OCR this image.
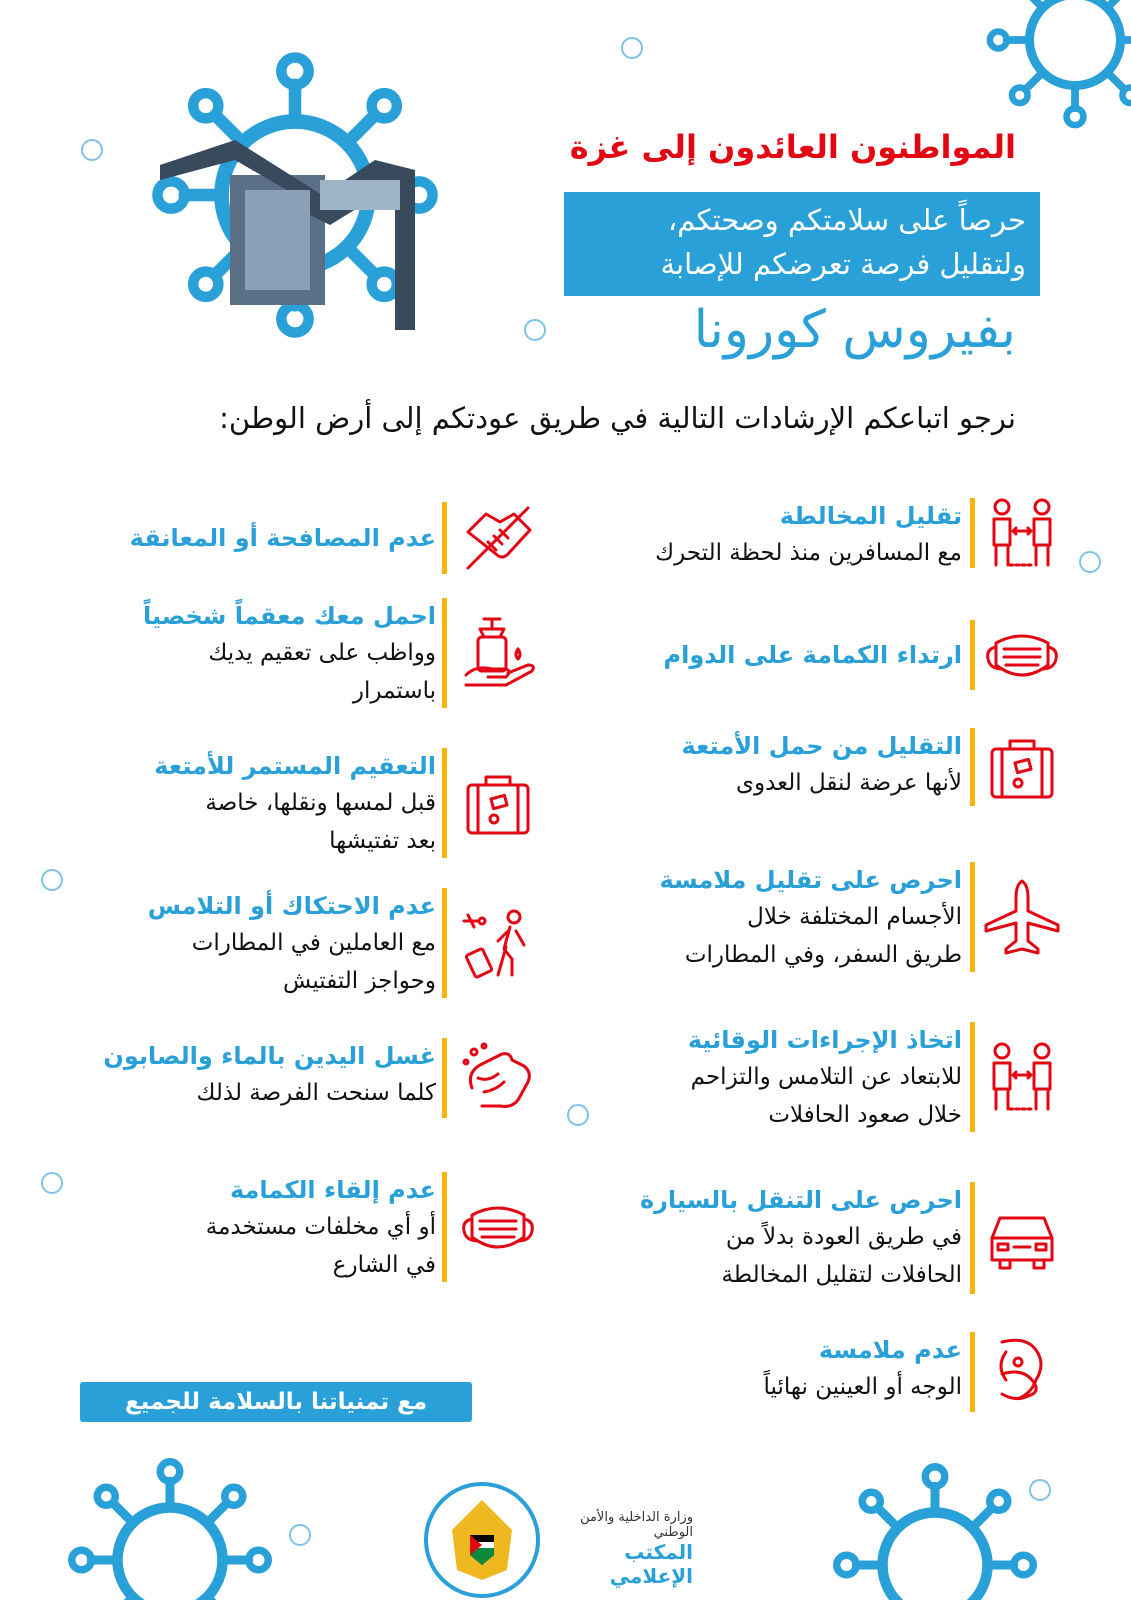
المواطنون العائدون إلى غزة
حرصاً على سلامتكم وصحتكم،
ولتقليل فرصة تعرضكم للإصابة
بفيروس كورونا
نرجو اتباعكم الإرشادات التالية في طريق عودتكم إلى أرض الوطن:
تقليل المخالطة
مع المسافرين منذ لحظة التحرك
ارتداء الكمامة على الدوام
التقليل من حمل الأمتعة
لأنها عرضة لنقل العدوى
احرص على تقليل ملامسة
الأجسام المختلفة خلال
طريق السفر، وفي المطارات
اتخاذ الإجراءات الوقائية
للابتعاد عن التلامس والتزاحم
خلال صعود الحافلات
احرص على التنقل بالسيارة
في طريق العودة بدلاً من
الحافلات لتقليل المخالطة
عدم ملامسة
الوجه أو العينين نهائياً
عدم المصافحة أو المعانقة
احمل معك معقماً شخصياً
وواظب على تعقيم يديك
باستمرار
التعقيم المستمر للأمتعة
قبل لمسها ونقلها، خاصة
بعد تفتيشها
عدم الاحتكاك أو التلامس
مع العاملين في المطارات
وحواجز التفتيش
غسل اليدين بالماء والصابون
كلما سنحت الفرصة لذلك
عدم إلقاء الكمامة
أو أي مخلفات مستخدمة
في الشارع
مع تمنياتنا بالسلامة للجميع
وزارة الداخلية والأمن الوطني
المكتب الإعلامي
